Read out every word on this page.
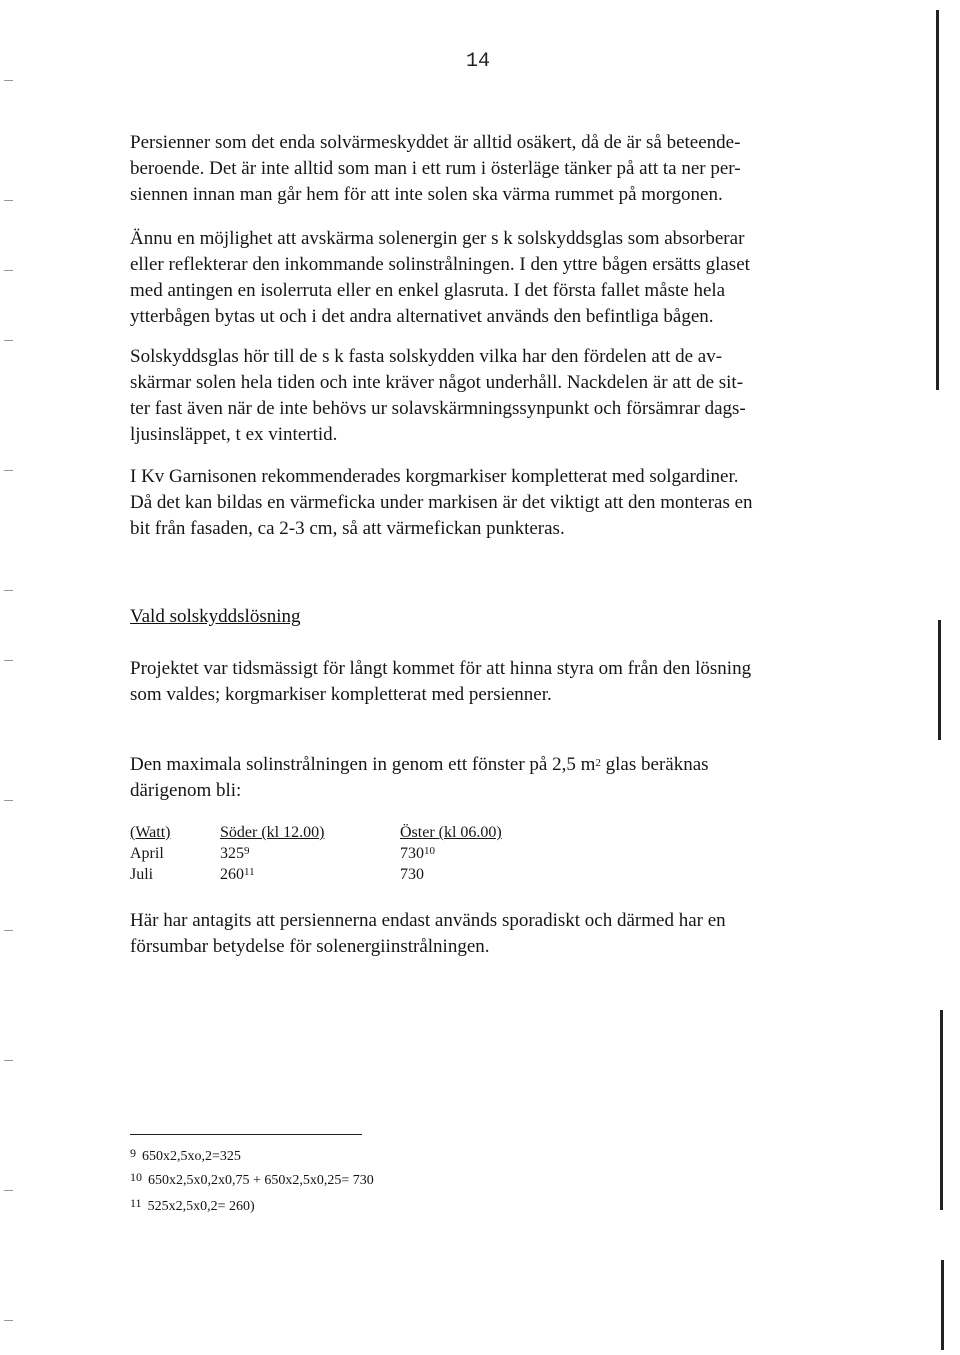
14

Persienner som det enda solvärmeskyddet är alltid osäkert, då de är så beteende-
beroende. Det är inte alltid som man i ett rum i österläge tänker på att ta ner per-
siennen innan man går hem för att inte solen ska värma rummet på morgonen.

Ännu en möjlighet att avskärma solenergin ger s k solskyddsglas som absorberar
eller reflekterar den inkommande solinstrålningen. I den yttre bågen ersätts glaset
med antingen en isolerruta eller en enkel glasruta. I det första fallet måste hela
ytterbågen bytas ut och i det andra alternativet används den befintliga bågen.

Solskyddsglas hör till de s k fasta solskydden vilka har den fördelen att de av-
skärmar solen hela tiden och inte kräver något underhåll. Nackdelen är att de sit-
ter fast även när de inte behövs ur solavskärmningssynpunkt och försämrar dags-
ljusinsläppet, t ex vintertid.

I Kv Garnisonen rekommenderades korgmarkiser kompletterat med solgardiner.
Då det kan bildas en värmeficka under markisen är det viktigt att den monteras en
bit från fasaden, ca 2-3 cm, så att värmefickan punkteras.

Vald solskyddslösning

Projektet var tidsmässigt för långt kommet för att hinna styra om från den lösning
som valdes; korgmarkiser kompletterat med persienner.

Den maximala solinstrålningen in genom ett fönster på 2,5 $m^2$ glas beräknas
därigenom bli:

(Watt)	Söder (kl 12.00)	Öster (kl 06.00)
April	$325^9$	$730^{10}$
Juli	$260^{11}$	730

Här har antagits att persiennerna endast används sporadiskt och därmed har en
försumbar betydelse för solenergiinstrålningen.

$^9$ 650x2,5xo,2=325
$^{10}$ 650x2,5x0,2x0,75 + 650x2,5x0,25= 730
$^{11}$ 525x2,5x0,2= 260)
